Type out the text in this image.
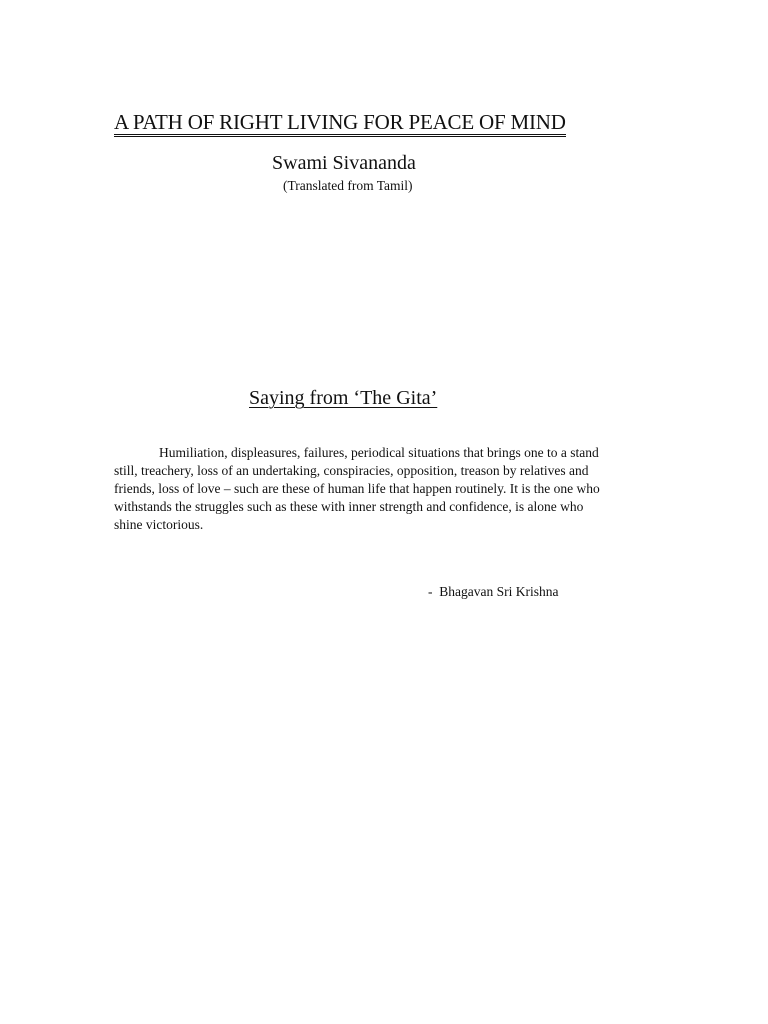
A PATH OF RIGHT LIVING FOR PEACE OF MIND
Swami Sivananda
(Translated from Tamil)
Saying from ‘The Gita’

Humiliation, displeasures, failures, periodical situations that brings one to a stand
still, treachery, loss of an undertaking, conspiracies, opposition, treason by relatives and
friends, loss of love – such are these of human life that happen routinely. It is the one who
withstands the struggles such as these with inner strength and confidence, is alone who
shine victorious.

-  Bhagavan Sri Krishna
